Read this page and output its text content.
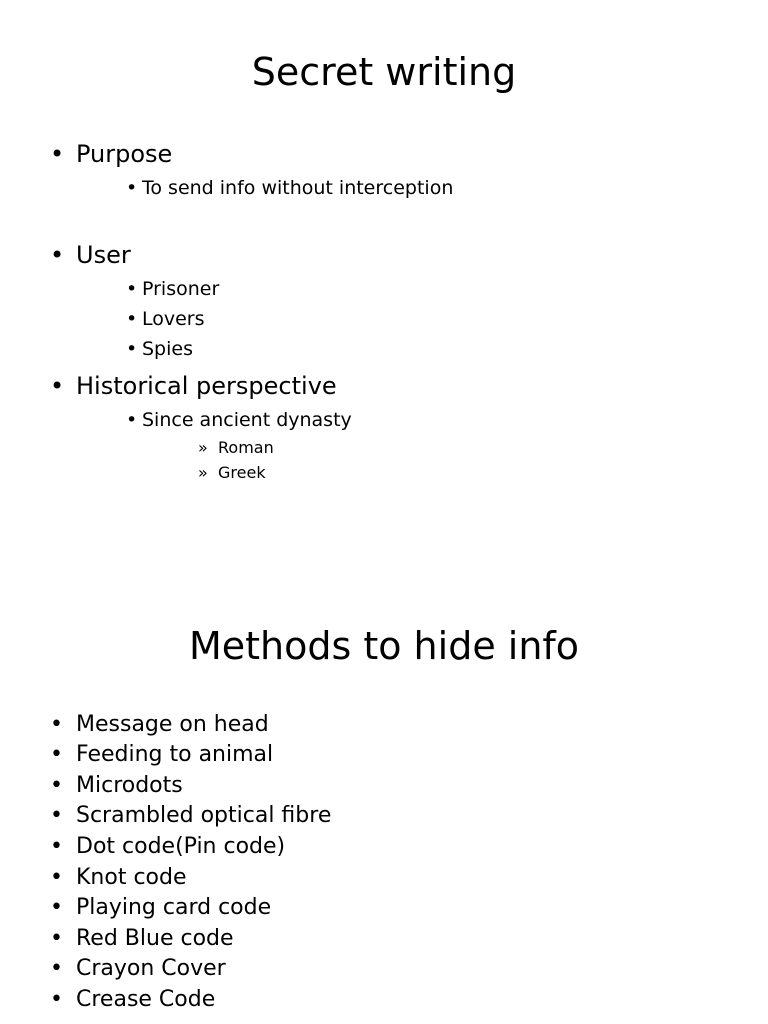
Secret writing
• Purpose
• To send info without interception
• User
• Prisoner
• Lovers
• Spies
• Historical perspective
• Since ancient dynasty
» Roman
» Greek
Methods to hide info
• Message on head
• Feeding to animal
• Microdots
• Scrambled optical fibre
• Dot code(Pin code)
• Knot code
• Playing card code
• Red Blue code
• Crayon Cover
• Crease Code
